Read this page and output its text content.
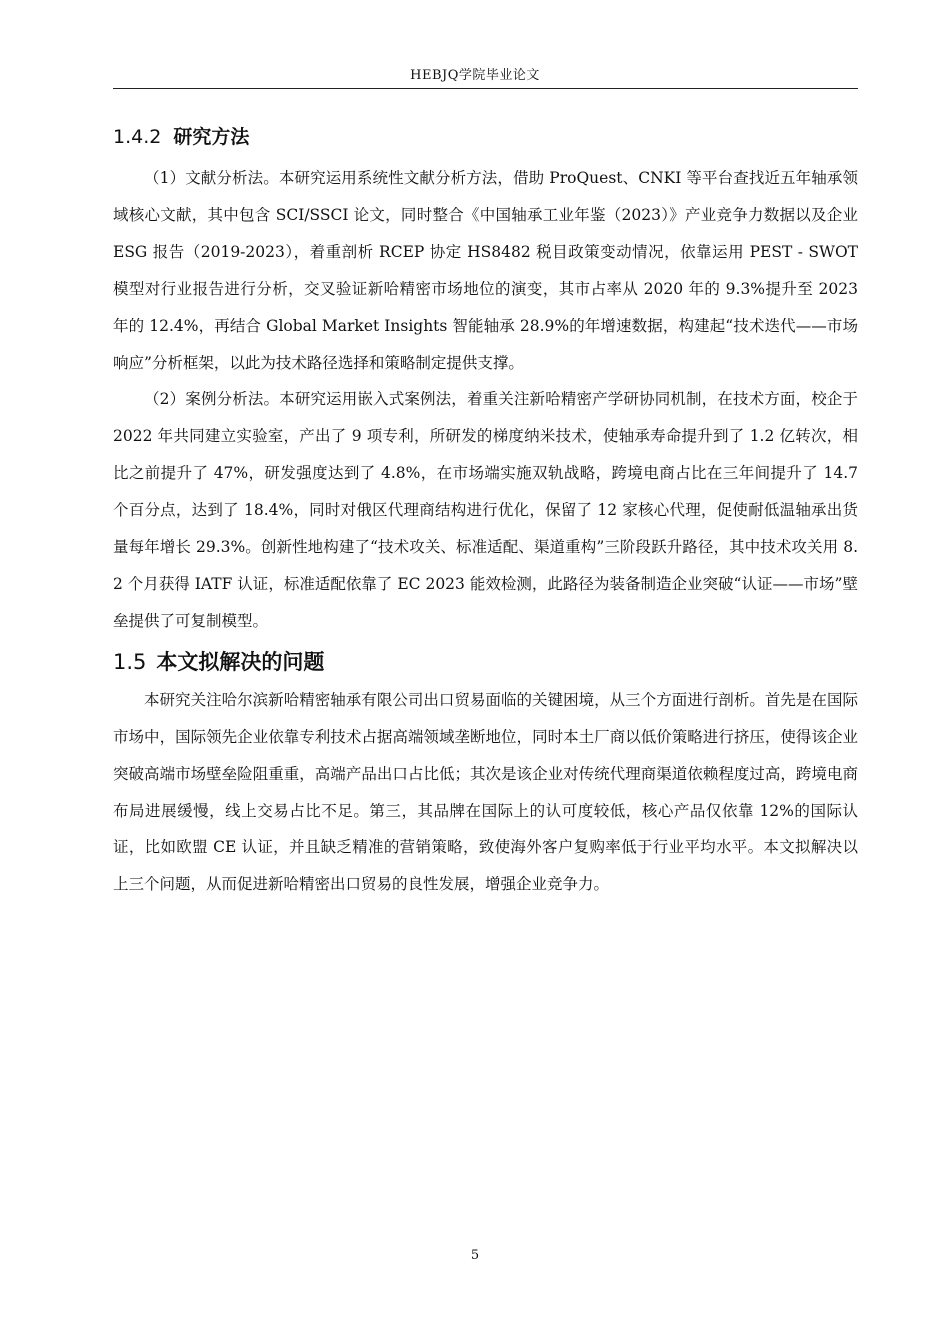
HEBJQ学院毕业论文
1.4.2 研究方法

（1）文献分析法。本研究运用系统性文献分析方法，借助 ProQuest、CNKI 等平台查找近五年轴承领域核心文献，其中包含 SCI/SSCI 论文，同时整合《中国轴承工业年鉴（2023）》产业竞争力数据以及企业 ESG 报告（2019-2023），着重剖析 RCEP 协定 HS8482 税目政策变动情况，依靠运用 PEST - SWOT 模型对行业报告进行分析，交叉验证新哈精密市场地位的演变，其市占率从 2020 年的 9.3%提升至 2023 年的 12.4%，再结合 Global Market Insights 智能轴承 28.9%的年增速数据，构建起“技术迭代——市场响应”分析框架，以此为技术路径选择和策略制定提供支撑。

（2）案例分析法。本研究运用嵌入式案例法，着重关注新哈精密产学研协同机制，在技术方面，校企于 2022 年共同建立实验室，产出了 9 项专利，所研发的梯度纳米技术，使轴承寿命提升到了 1.2 亿转次，相比之前提升了 47%，研发强度达到了 4.8%，在市场端实施双轨战略，跨境电商占比在三年间提升了 14.7 个百分点，达到了 18.4%，同时对俄区代理商结构进行优化，保留了 12 家核心代理，促使耐低温轴承出货量每年增长 29.3%。创新性地构建了“技术攻关、标准适配、渠道重构”三阶段跃升路径，其中技术攻关用 8.2 个月获得 IATF 认证，标准适配依靠了 EC 2023 能效检测，此路径为装备制造企业突破“认证——市场”壁垒提供了可复制模型。

1.5 本文拟解决的问题

本研究关注哈尔滨新哈精密轴承有限公司出口贸易面临的关键困境，从三个方面进行剖析。首先是在国际市场中，国际领先企业依靠专利技术占据高端领域垄断地位，同时本土厂商以低价策略进行挤压，使得该企业突破高端市场壁垒险阻重重，高端产品出口占比低；其次是该企业对传统代理商渠道依赖程度过高，跨境电商布局进展缓慢，线上交易占比不足。第三，其品牌在国际上的认可度较低，核心产品仅依靠 12%的国际认证，比如欧盟 CE 认证，并且缺乏精准的营销策略，致使海外客户复购率低于行业平均水平。本文拟解决以上三个问题，从而促进新哈精密出口贸易的良性发展，增强企业竞争力。

5
